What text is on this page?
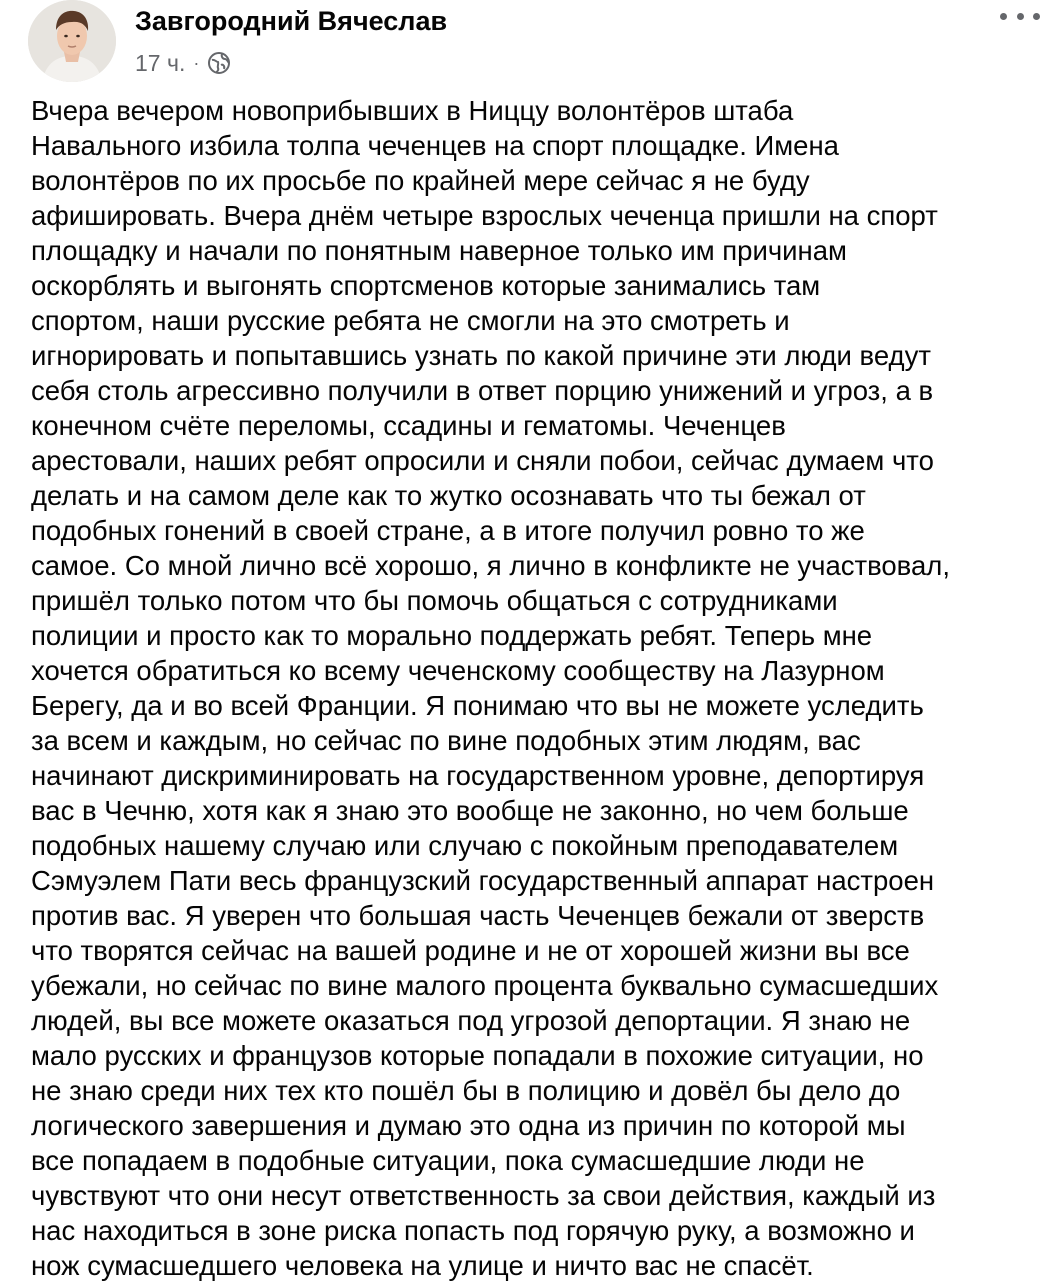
Завгородний Вячеслав
17 ч. ·
Вчера вечером новоприбывших в Ниццу волонтёров штаба
Навального избила толпа чеченцев на спорт площадке. Имена
волонтёров по их просьбе по крайней мере сейчас я не буду
афишировать. Вчера днём четыре взрослых чеченца пришли на спорт
площадку и начали по понятным наверное только им причинам
оскорблять и выгонять спортсменов которые занимались там
спортом, наши русские ребята не смогли на это смотреть и
игнорировать и попытавшись узнать по какой причине эти люди ведут
себя столь агрессивно получили в ответ порцию унижений и угроз, а в
конечном счёте переломы, ссадины и гематомы. Чеченцев
арестовали, наших ребят опросили и сняли побои, сейчас думаем что
делать и на самом деле как то жутко осознавать что ты бежал от
подобных гонений в своей стране, а в итоге получил ровно то же
самое. Со мной лично всё хорошо, я лично в конфликте не участвовал,
пришёл только потом что бы помочь общаться с сотрудниками
полиции и просто как то морально поддержать ребят. Теперь мне
хочется обратиться ко всему чеченскому сообществу на Лазурном
Берегу, да и во всей Франции. Я понимаю что вы не можете уследить
за всем и каждым, но сейчас по вине подобных этим людям, вас
начинают дискриминировать на государственном уровне, депортируя
вас в Чечню, хотя как я знаю это вообще не законно, но чем больше
подобных нашему случаю или случаю с покойным преподавателем
Сэмуэлем Пати весь французский государственный аппарат настроен
против вас. Я уверен что большая часть Чеченцев бежали от зверств
что творятся сейчас на вашей родине и не от хорошей жизни вы все
убежали, но сейчас по вине малого процента буквально сумасшедших
людей, вы все можете оказаться под угрозой депортации. Я знаю не
мало русских и французов которые попадали в похожие ситуации, но
не знаю среди них тех кто пошёл бы в полицию и довёл бы дело до
логического завершения и думаю это одна из причин по которой мы
все попадаем в подобные ситуации, пока сумасшедшие люди не
чувствуют что они несут ответственность за свои действия, каждый из
нас находиться в зоне риска попасть под горячую руку, а возможно и
нож сумасшедшего человека на улице и ничто вас не спасёт.
